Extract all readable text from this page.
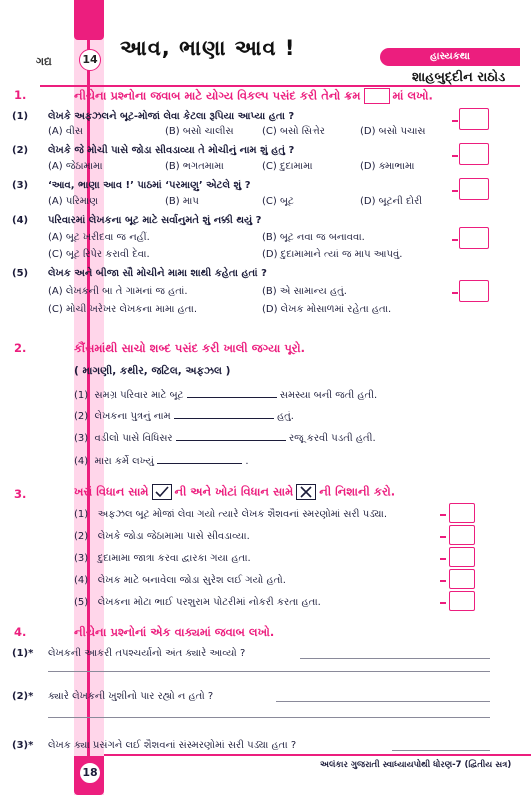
ગદ્ય	14 આવ, ભાણા આવ !	હાસ્યકથા
શાહબુદ્દીન રાઠોડ
1.	નીચેના પ્રશ્નોના જવાબ માટે યોગ્ય વિકલ્પ પસંદ કરી તેનો ક્રમ	માં લખો.
(1) લેખકે અફઝલને બૂટ-મોજાં લેવા કેટલા રૂપિયા આપ્યા હતા ?
(A) વીસ	(B) બસો ચાલીસ	(C) બસો સિત્તેર	(D) બસો પચાસ
(2) લેખકે જે મોચી પાસે જોડા સીવડાવ્યા તે મોચીનું નામ શું હતું ?
(A) જેઠામામા	(B) ભગતમામા	(C) દુદામામા	(D) ક્માભામા
(3) ‘આવ, ભાણા આવ !’ પાઠમાં ‘પરમાણુ’ એટલે શું ?
(A) પરિમાણ	(B) માપ	(C) બૂટ	(D) બૂટની દોરી
(4) પરિવારમાં લેખકના બૂટ માટે સર્વાનુમતે શું નક્કી થયું ?
(A) બૂટ ખરીદવા જ નહીં.	(B) બૂટ નવા જ બનાવવા.
(C) બૂટ રિપેર કરાવી દેવા.	(D) દુદામામાને ત્યાં જ માપ આપવું.
(5) લેખક અને બીજા સૌ મોચીને મામા શાથી કહેતા હતાં ?
(A) લેખકની બા તે ગામનાં જ હતાં.	(B) એ સામાન્ય હતું.
(C) મોચી ખરેખર લેખકના મામા હતા.	(D) લેખક મોસાળમાં રહેતા હતા.
2.	કૌંસમાંથી સાચો શબ્દ પસંદ કરી ખાલી જગ્યા પૂરો.
( માગણી, કથીર, જટિલ, અફઝલ )
(1) સમગ્ર પરિવાર માટે બૂટ	સમસ્યા બની જતી હતી.
(2) લેખકના પુત્રનું નામ	હતું.
(3) વડીલો પાસે વિધિસર	રજૂ કરવી પડતી હતી.
(4) મારા કર્મે લખ્યું	.
3.	ખરાં વિધાન સામે ની અને ખોટાં વિધાન સામે ની નિશાની કરો.
(1) અફઝલ બૂટ મોજાં લેવા ગયો ત્યારે લેખક શૈશવનાં સ્મરણોમાં સરી પડ્યા.
(2) લેખકે જોડા જેઠામામા પાસે સીવડાવ્યા.
(3) દુદામામા જાત્રા કરવા દ્વારકા ગયા હતા.
(4) લેખક માટે બનાવેલા જોડા સુરેશ લઈ ગયો હતો.
(5) લેખકના મોટા ભાઈ પરશુરામ પોટરીમાં નોકરી કરતા હતા.
4.	નીચેના પ્રશ્નોનાં એક વાક્યમાં જવાબ લખો.
(1)* લેખકની આકરી તપશ્ચર્યાનો અંત ક્યારે આવ્યો ?
(2)* ક્યારે લેખકની ખુશીનો પાર રહ્યો ન હતો ?
(3)* લેખક ક્યા પ્રસંગને લઈ શૈશવનાં સંસ્મરણોમાં સરી પડ્યા હતા ?
અલંકાર ગુજરાતી સ્વાધ્યાયપોથી ધોરણ-7 (દ્વિતીય સત્ર)
18
